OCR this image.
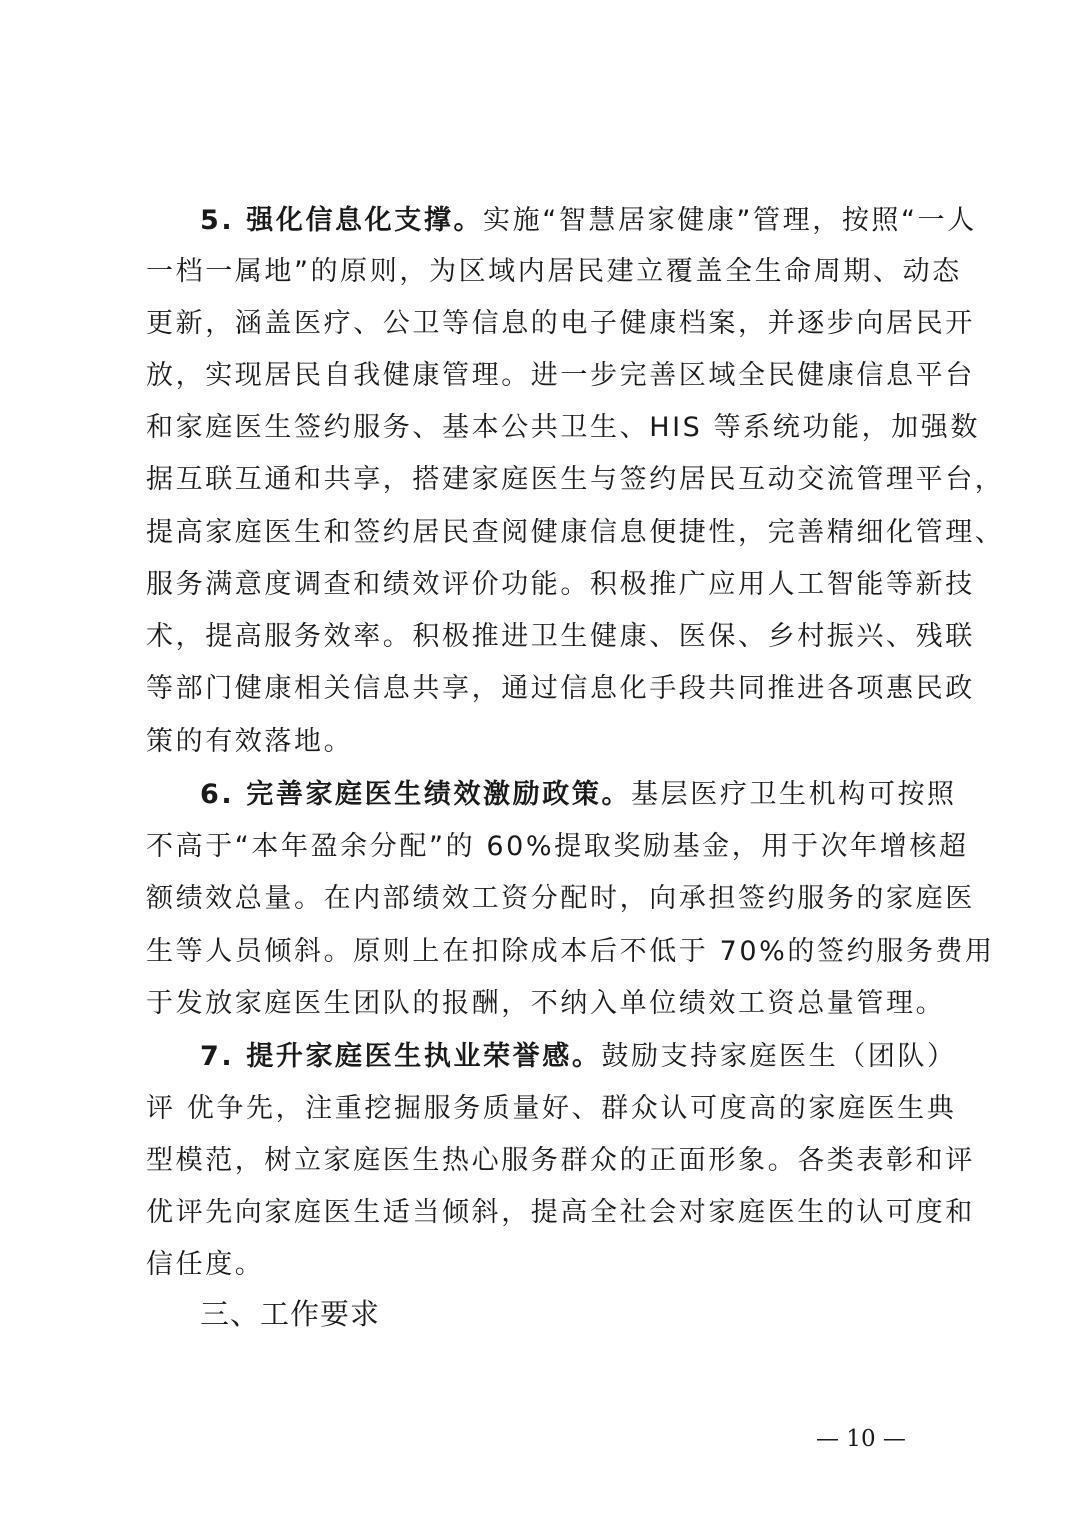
5. 强化信息化支撑。实施“智慧居家健康”管理，按照“一人
一档一属地”的原则，为区域内居民建立覆盖全生命周期、动态
更新，涵盖医疗、公卫等信息的电子健康档案，并逐步向居民开
放，实现居民自我健康管理。进一步完善区域全民健康信息平台
和家庭医生签约服务、基本公共卫生、HIS 等系统功能，加强数
据互联互通和共享，搭建家庭医生与签约居民互动交流管理平台，
提高家庭医生和签约居民查阅健康信息便捷性，完善精细化管理、
服务满意度调查和绩效评价功能。积极推广应用人工智能等新技
术，提高服务效率。积极推进卫生健康、医保、乡村振兴、残联
等部门健康相关信息共享，通过信息化手段共同推进各项惠民政
策的有效落地。
6. 完善家庭医生绩效激励政策。基层医疗卫生机构可按照
不高于“本年盈余分配”的 60%提取奖励基金，用于次年增核超
额绩效总量。在内部绩效工资分配时，向承担签约服务的家庭医
生等人员倾斜。原则上在扣除成本后不低于 70%的签约服务费用
于发放家庭医生团队的报酬，不纳入单位绩效工资总量管理。
7. 提升家庭医生执业荣誉感。鼓励支持家庭医生（团队）
评 优争先，注重挖掘服务质量好、群众认可度高的家庭医生典
型模范，树立家庭医生热心服务群众的正面形象。各类表彰和评
优评先向家庭医生适当倾斜，提高全社会对家庭医生的认可度和
信任度。
三、工作要求
— 10 —
